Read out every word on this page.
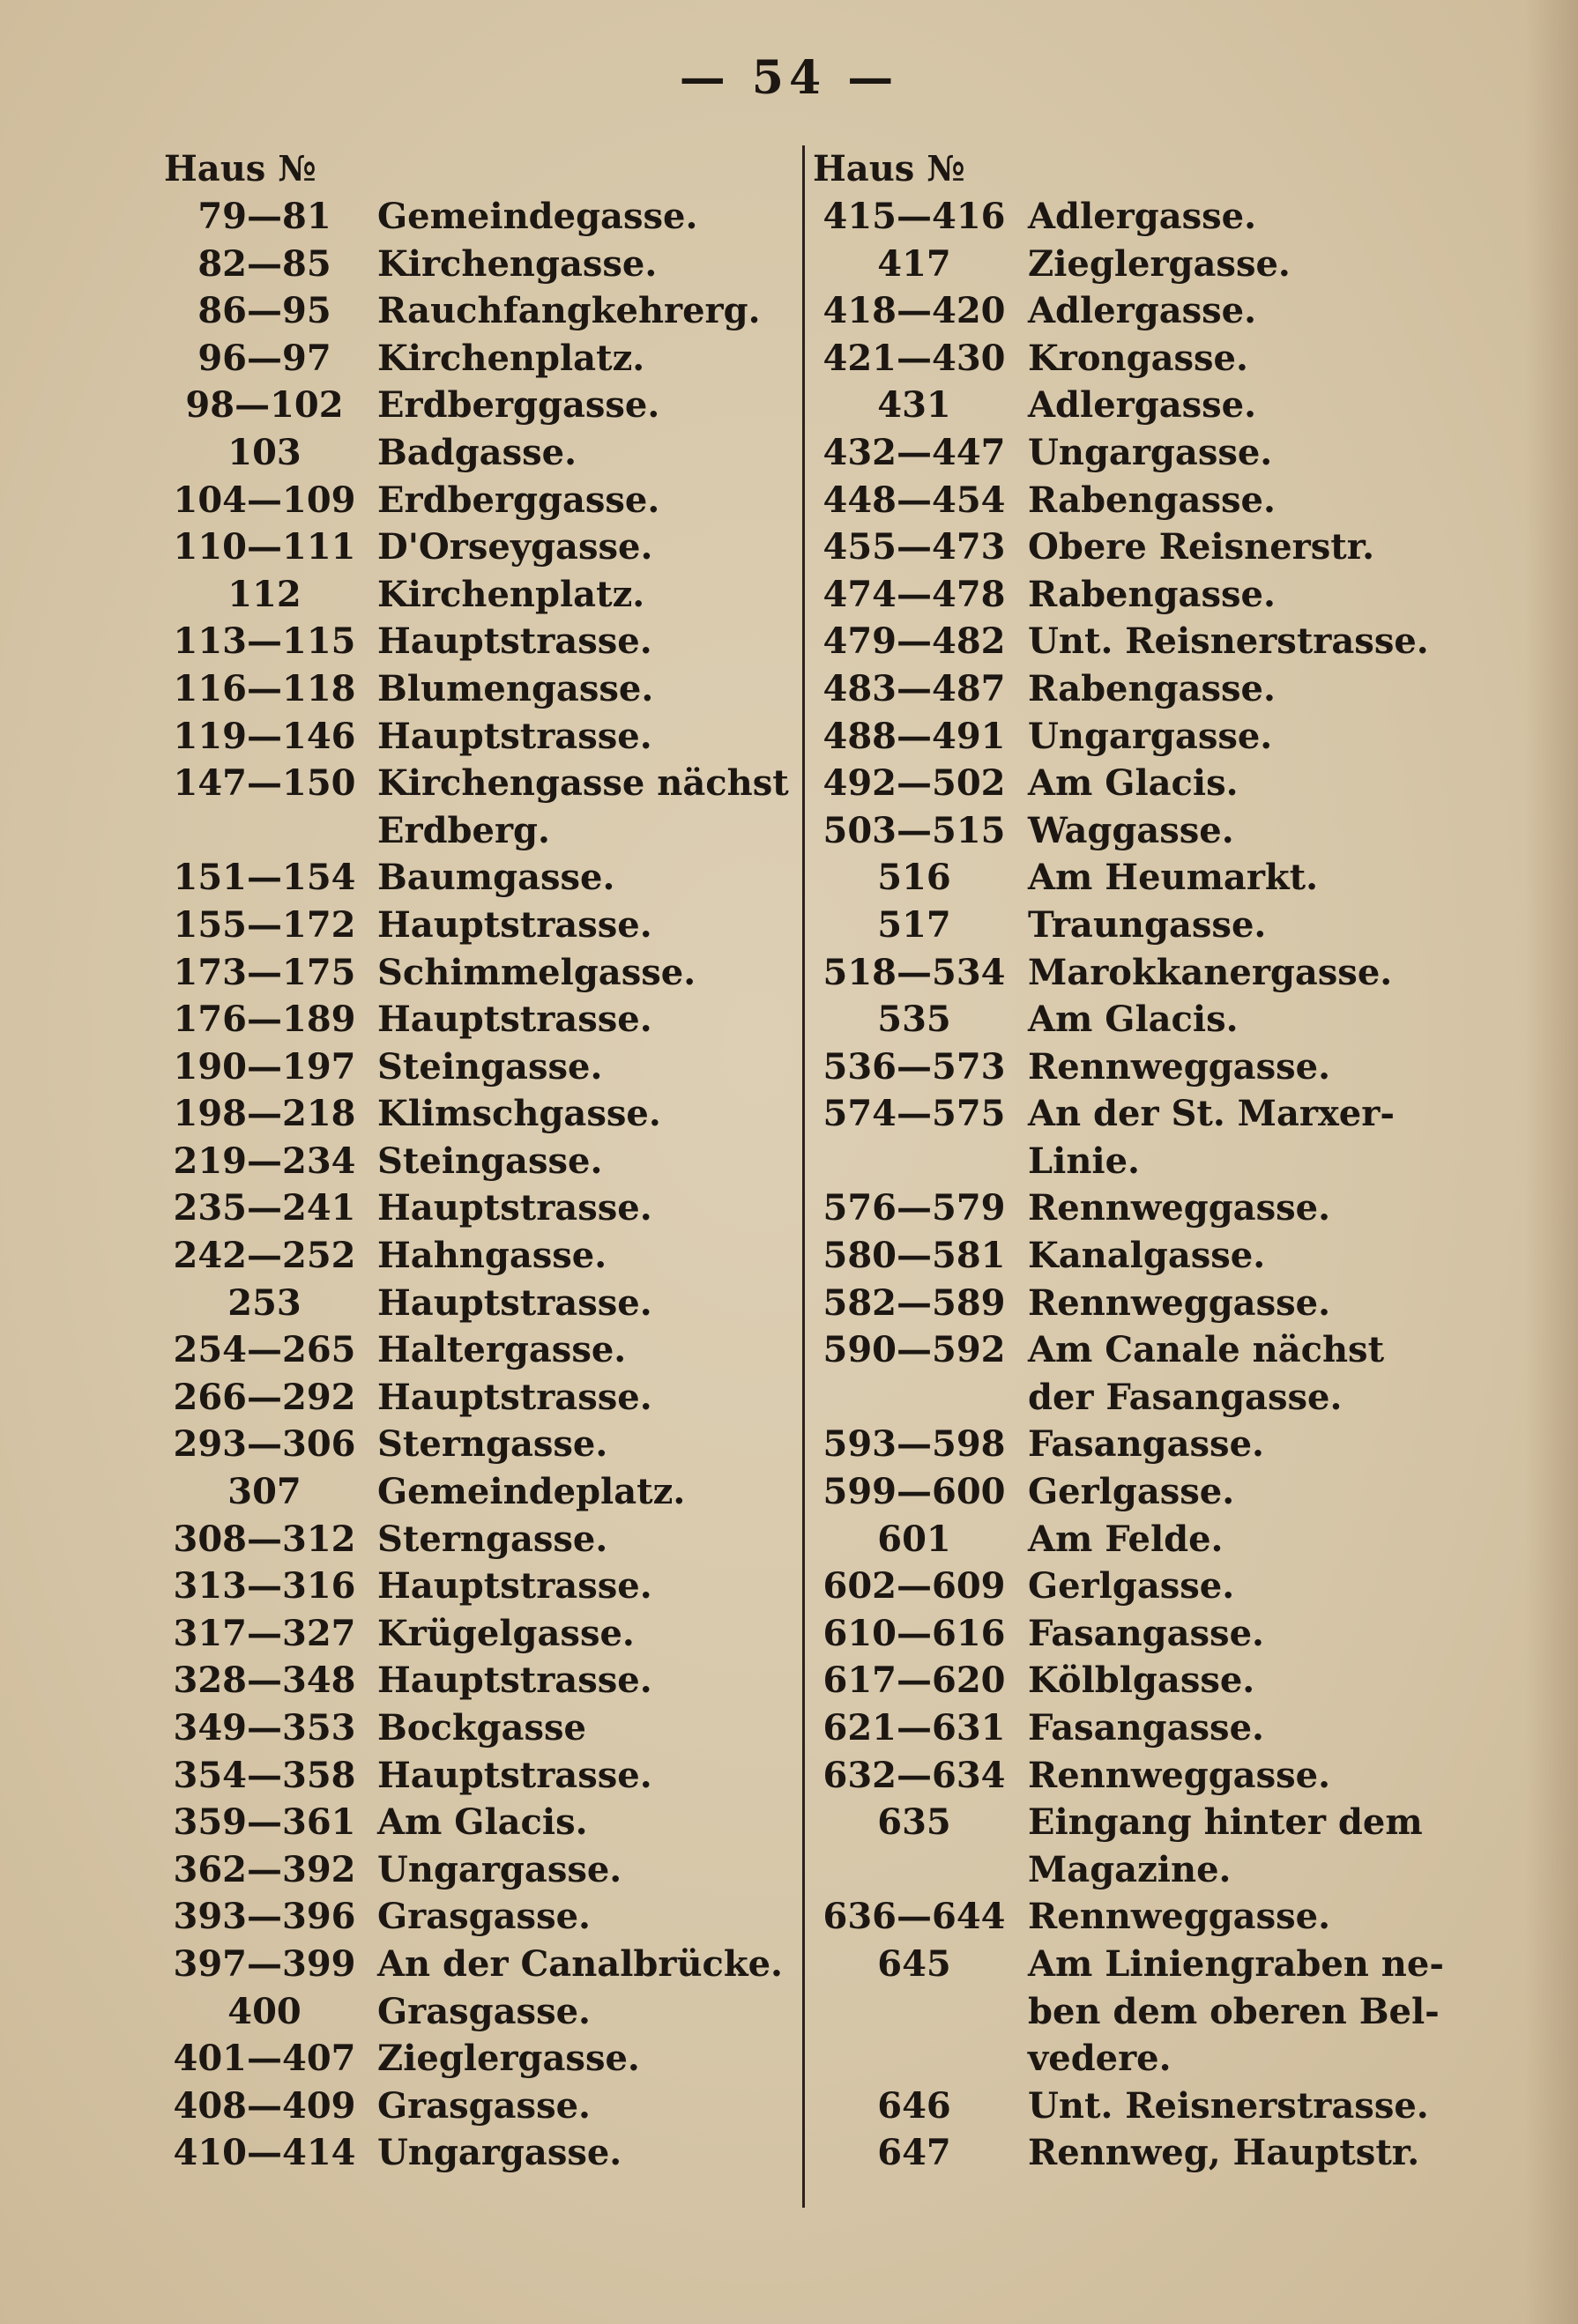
— 54 —
Haus №
79—81	Gemeindegasse.
82—85	Kirchengasse.
86—95	Rauchfangkehrerg.
96—97	Kirchenplatz.
98—102 Erdberggasse.
103	Badgasse.
104—109 Erdberggasse.
110—111 D'Orseygasse.
112	Kirchenplatz.
113—115 Hauptstrasse.
116—118 Blumengasse.
119—146 Hauptstrasse.
147—150 Kirchengasse nächst
Erdberg.
151—154 Baumgasse.
155—172 Hauptstrasse.
173—175 Schimmelgasse.
176—189 Hauptstrasse.
190—197 Steingasse.
198—218 Klimschgasse.
219—234 Steingasse.
235—241 Hauptstrasse.
242—252 Hahngasse.
253	Hauptstrasse.
254—265 Haltergasse.
266—292 Hauptstrasse.
293—306 Sterngasse.
307	Gemeindeplatz.
308—312 Sterngasse.
313—316 Hauptstrasse.
317—327 Krügelgasse.
328—348 Hauptstrasse.
349—353 Bockgasse
354—358 Hauptstrasse.
359—361 Am Glacis.
362—392 Ungargasse.
393—396 Grasgasse.
397—399 An der Canalbrücke.
400	Grasgasse.
401—407 Zieglergasse.
408—409 Grasgasse.
410—414 Ungargasse.
Haus №
415—416 Adlergasse.
417	Zieglergasse.
418—420 Adlergasse.
421—430 Krongasse.
431	Adlergasse.
432—447 Ungargasse.
448—454 Rabengasse.
455—473 Obere Reisnerstr.
474—478 Rabengasse.
479—482 Unt. Reisnerstrasse.
483—487 Rabengasse.
488—491 Ungargasse.
492—502 Am Glacis.
503—515 Waggasse.
516	Am Heumarkt.
517	Traungasse.
518—534 Marokkanergasse.
535	Am Glacis.
536—573 Rennweggasse.
574—575 An der St. Marxer-
Linie.
576—579 Rennweggasse.
580—581 Kanalgasse.
582—589 Rennweggasse.
590—592 Am Canale nächst
der Fasangasse.
593—598 Fasangasse.
599—600 Gerlgasse.
601	Am Felde.
602—609 Gerlgasse.
610—616 Fasangasse.
617—620 Kölblgasse.
621—631 Fasangasse.
632—634 Rennweggasse.
635	Eingang hinter dem
Magazine.
636—644 Rennweggasse.
645	Am Liniengraben ne-
ben dem oberen Bel-
vedere.
646	Unt. Reisnerstrasse.
647	Rennweg, Hauptstr.
